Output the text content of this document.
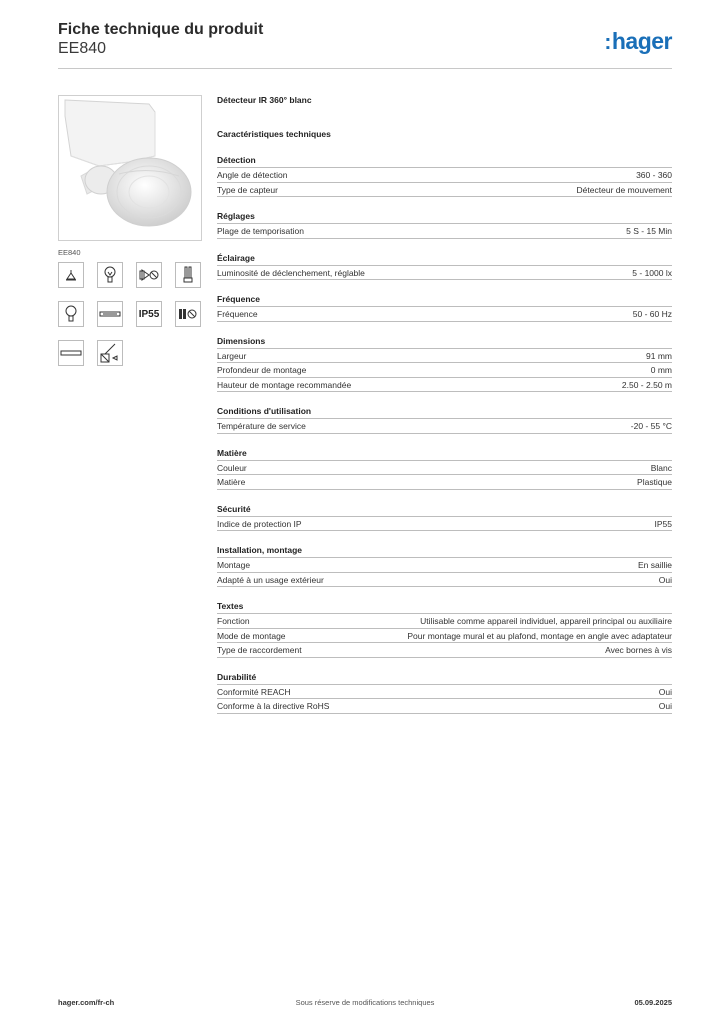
Fiche technique du produit
EE840	:hager
EE840
IP55
Détecteur IR 360° blanc
Caractéristiques techniques
Détection
Angle de détection	360 - 360
Type de capteur	Détecteur de mouvement
Réglages
Plage de temporisation	5 S - 15 Min
Éclairage
Luminosité de déclenchement, réglable	5 - 1000 lx
Fréquence
Fréquence	50 - 60 Hz
Dimensions
Largeur	91 mm
Profondeur de montage	0 mm
Hauteur de montage recommandée	2.50 - 2.50 m
Conditions d'utilisation
Température de service	-20 - 55 °C
Matière
Couleur	Blanc
Matière	Plastique
Sécurité
Indice de protection IP	IP55
Installation, montage
Montage	En saillie
Adapté à un usage extérieur	Oui
Textes
Fonction	Utilisable comme appareil individuel, appareil principal ou auxiliaire
Mode de montage	Pour montage mural et au plafond, montage en angle avec adaptateur
Type de raccordement	Avec bornes à vis
Durabilité
Conformité REACH	Oui
Conforme à la directive RoHS	Oui
hager.com/fr-ch	Sous réserve de modifications techniques	05.09.2025
